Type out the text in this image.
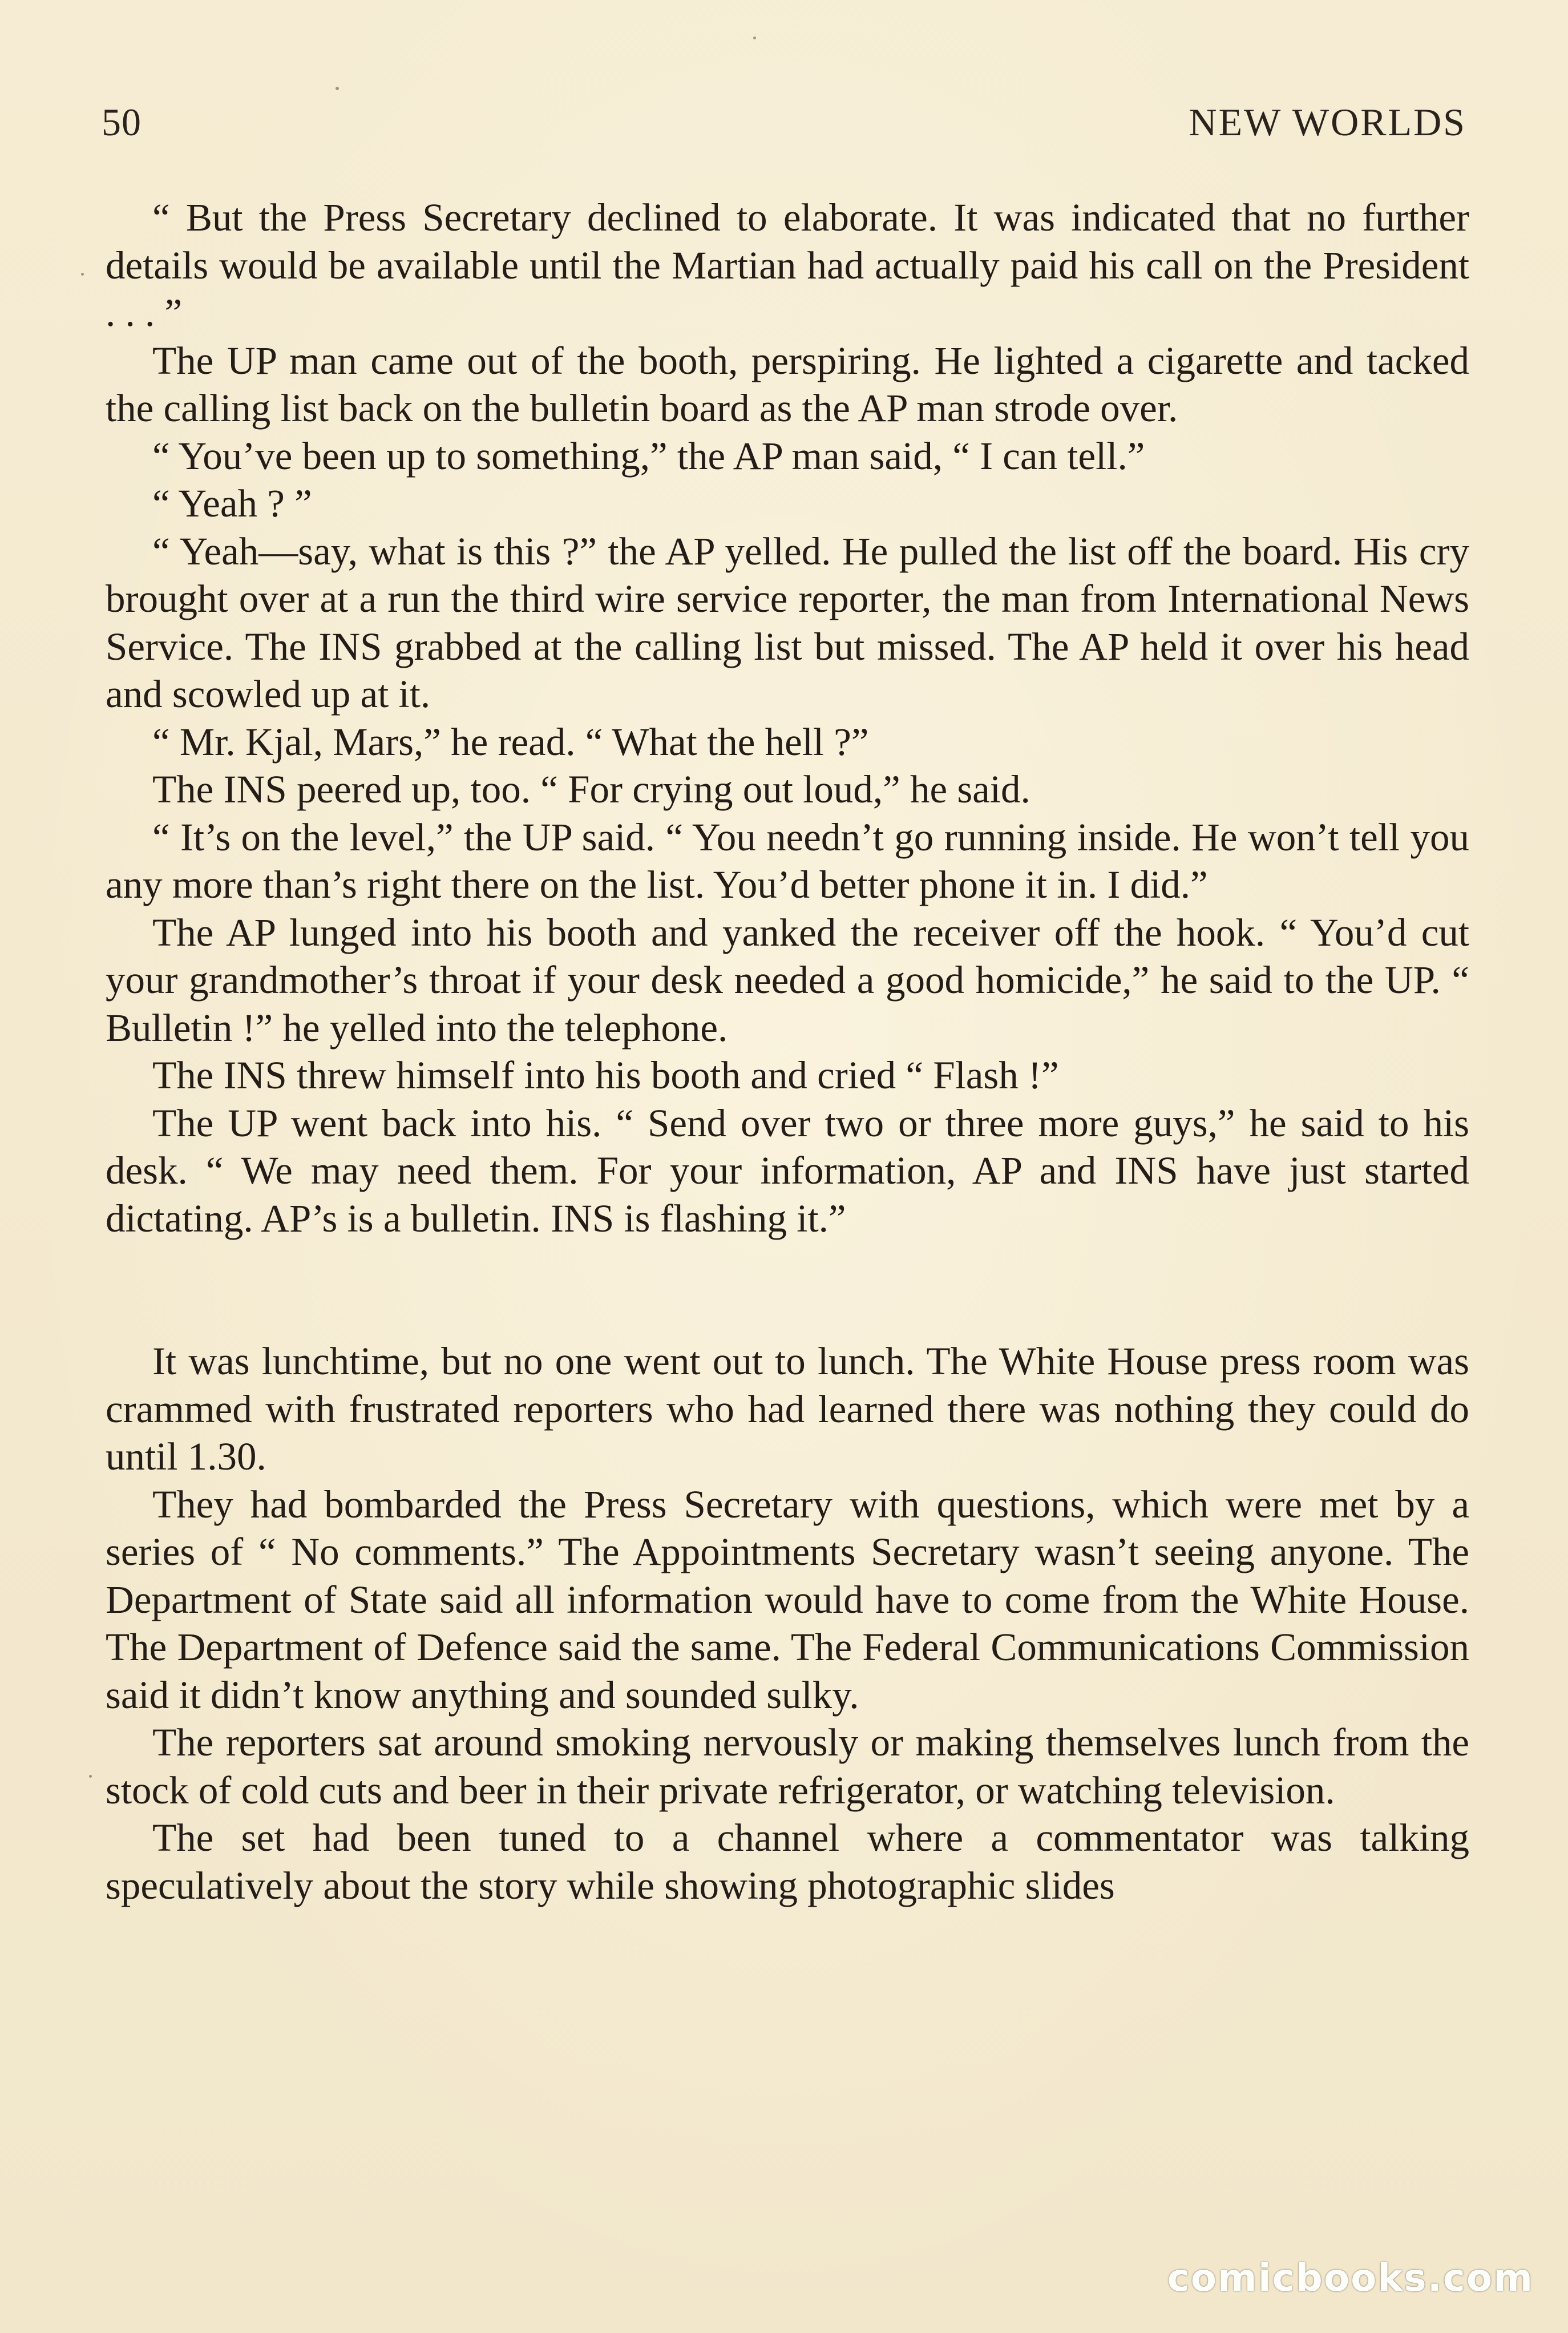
50	NEW WORLDS

“ But the Press Secretary declined to elaborate. It was indicated that no further details would be available until the Martian had actually paid his call on the President . . . ”

The UP man came out of the booth, perspiring. He lighted a cigarette and tacked the calling list back on the bulletin board as the AP man strode over.

“ You’ve been up to something,” the AP man said, “ I can tell.”

“ Yeah ? ”

“ Yeah—say, what is this ?” the AP yelled. He pulled the list off the board. His cry brought over at a run the third wire service reporter, the man from International News Service. The INS grabbed at the calling list but missed. The AP held it over his head and scowled up at it.

“ Mr. Kjal, Mars,” he read. “ What the hell ?”

The INS peered up, too. “ For crying out loud,” he said.

“ It’s on the level,” the UP said. “ You needn’t go running inside. He won’t tell you any more than’s right there on the list. You’d better phone it in. I did.”

The AP lunged into his booth and yanked the receiver off the hook. “ You’d cut your grandmother’s throat if your desk needed a good homicide,” he said to the UP. “ Bulletin !” he yelled into the telephone.

The INS threw himself into his booth and cried “ Flash !”

The UP went back into his. “ Send over two or three more guys,” he said to his desk. “ We may need them. For your information, AP and INS have just started dictating. AP’s is a bulletin. INS is flashing it.”

It was lunchtime, but no one went out to lunch. The White House press room was crammed with frustrated reporters who had learned there was nothing they could do until 1.30.

They had bombarded the Press Secretary with questions, which were met by a series of “ No comments.” The Appointments Secretary wasn’t seeing anyone. The Department of State said all information would have to come from the White House. The Department of Defence said the same. The Federal Communications Commission said it didn’t know anything and sounded sulky.

The reporters sat around smoking nervously or making themselves lunch from the stock of cold cuts and beer in their private refrigerator, or watching television.

The set had been tuned to a channel where a commentator was talking speculatively about the story while showing photographic slides

comicbooks.com
